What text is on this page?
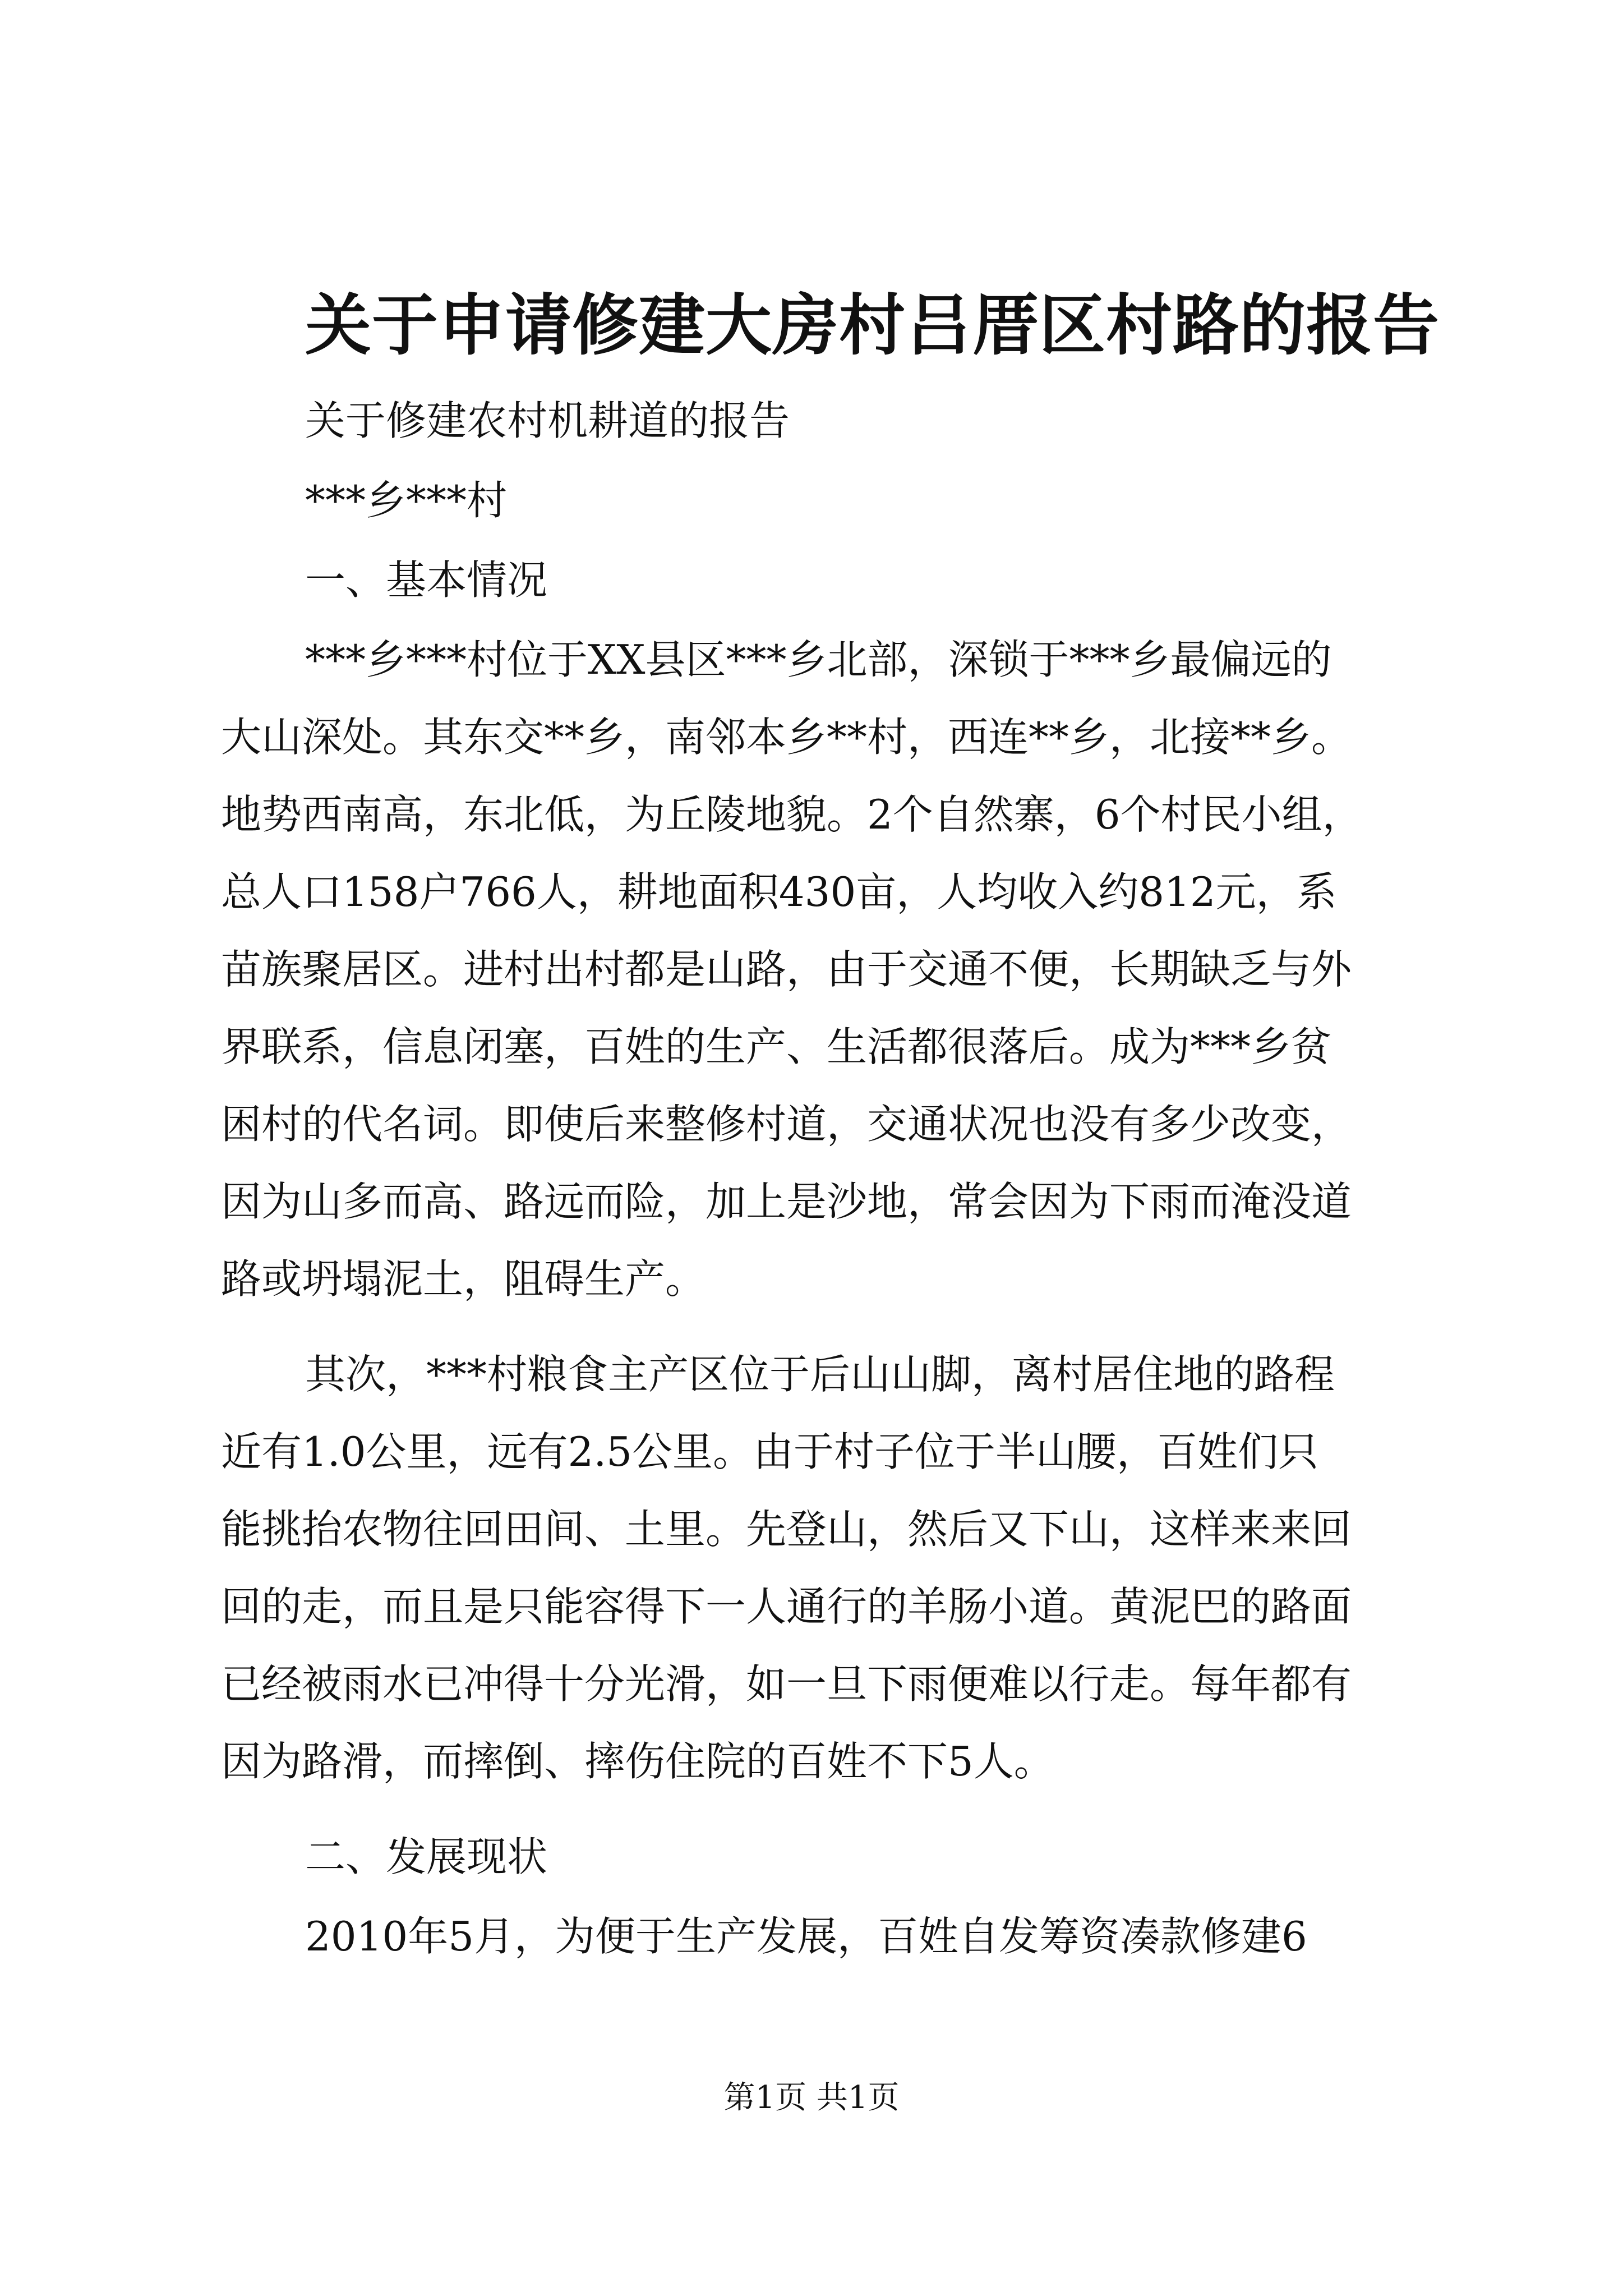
关于申请修建大房村吕厝区村路的报告
关于修建农村机耕道的报告
***乡***村
一、基本情况
***乡***村位于XX县区***乡北部，深锁于***乡最偏远的
大山深处。其东交**乡，南邻本乡**村，西连**乡，北接**乡。
地势西南高，东北低，为丘陵地貌。2个自然寨，6个村民小组，
总人口158户766人，耕地面积430亩，人均收入约812元，系
苗族聚居区。进村出村都是山路，由于交通不便，长期缺乏与外
界联系，信息闭塞，百姓的生产、生活都很落后。成为***乡贫
困村的代名词。即使后来整修村道，交通状况也没有多少改变，
因为山多而高、路远而险，加上是沙地，常会因为下雨而淹没道
路或坍塌泥土，阻碍生产。
其次，***村粮食主产区位于后山山脚，离村居住地的路程
近有1.0公里，远有2.5公里。由于村子位于半山腰，百姓们只
能挑抬农物往回田间、土里。先登山，然后又下山，这样来来回
回的走，而且是只能容得下一人通行的羊肠小道。黄泥巴的路面
已经被雨水已冲得十分光滑，如一旦下雨便难以行走。每年都有
因为路滑，而摔倒、摔伤住院的百姓不下5人。
二、发展现状
2010年5月，为便于生产发展，百姓自发筹资凑款修建6
第1页 共1页
